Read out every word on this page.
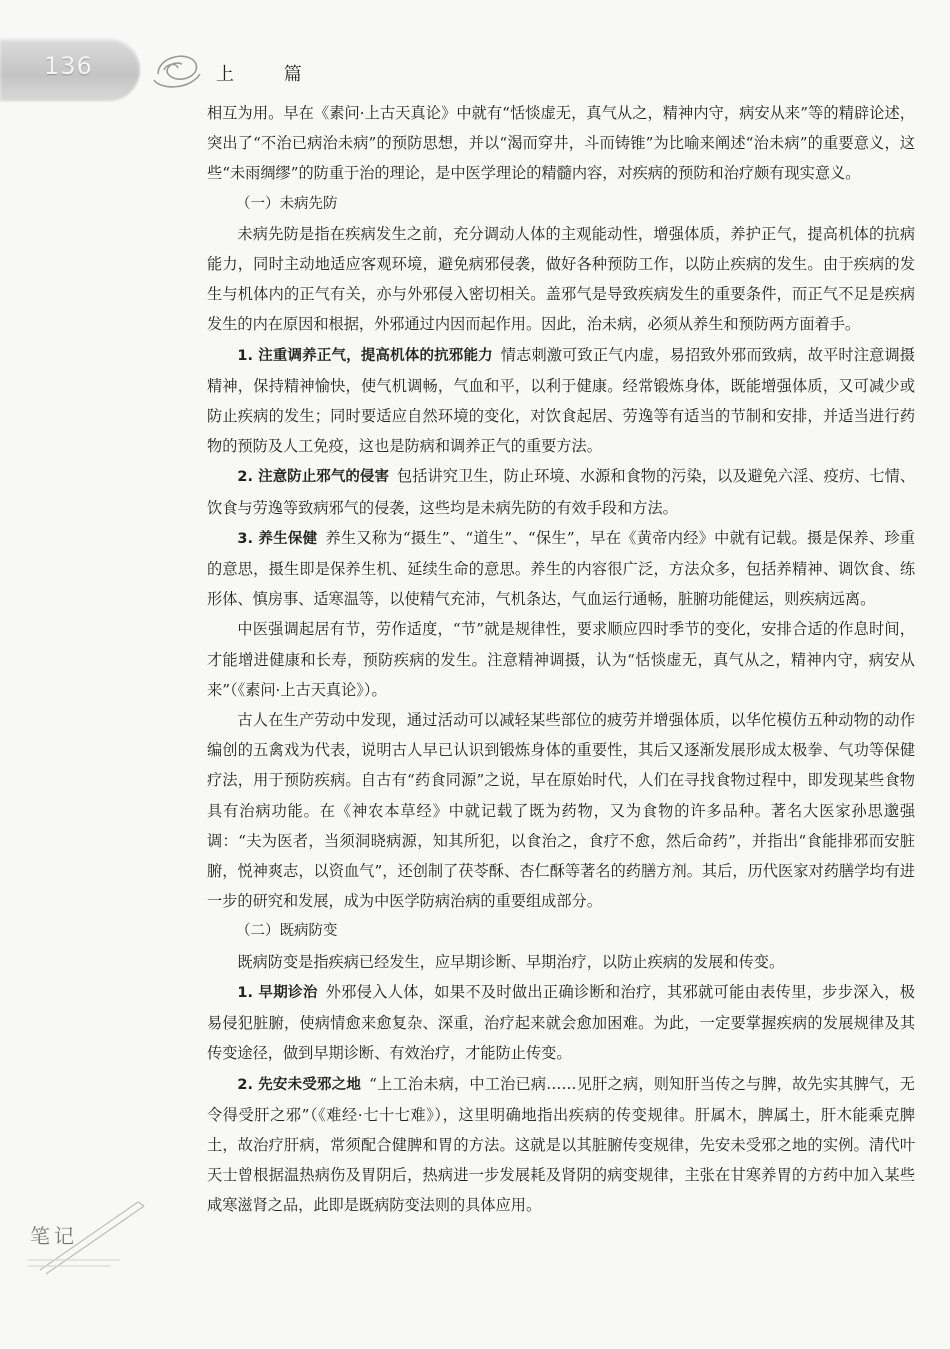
136	上 篇

相互为用。早在《素问·上古天真论》中就有“恬惔虚无，真气从之，精神内守，病安从来”等的精辟论述，突出了“不治已病治未病”的预防思想，并以“渴而穿井，斗而铸锥”为比喻来阐述“治未病”的重要意义，这些“未雨绸缪”的防重于治的理论，是中医学理论的精髓内容，对疾病的预防和治疗颇有现实意义。

（一）未病先防

未病先防是指在疾病发生之前，充分调动人体的主观能动性，增强体质，养护正气，提高机体的抗病能力，同时主动地适应客观环境，避免病邪侵袭，做好各种预防工作，以防止疾病的发生。由于疾病的发生与机体内的正气有关，亦与外邪侵入密切相关。盖邪气是导致疾病发生的重要条件，而正气不足是疾病发生的内在原因和根据，外邪通过内因而起作用。因此，治未病，必须从养生和预防两方面着手。

1. 注重调养正气，提高机体的抗邪能力 情志刺激可致正气内虚，易招致外邪而致病，故平时注意调摄精神，保持精神愉快，使气机调畅，气血和平，以利于健康。经常锻炼身体，既能增强体质，又可减少或防止疾病的发生；同时要适应自然环境的变化，对饮食起居、劳逸等有适当的节制和安排，并适当进行药物的预防及人工免疫，这也是防病和调养正气的重要方法。

2. 注意防止邪气的侵害 包括讲究卫生，防止环境、水源和食物的污染，以及避免六淫、疫疠、七情、饮食与劳逸等致病邪气的侵袭，这些均是未病先防的有效手段和方法。

3. 养生保健 养生又称为“摄生”、“道生”、“保生”，早在《黄帝内经》中就有记载。摄是保养、珍重的意思，摄生即是保养生机、延续生命的意思。养生的内容很广泛，方法众多，包括养精神、调饮食、练形体、慎房事、适寒温等，以使精气充沛，气机条达，气血运行通畅，脏腑功能健运，则疾病远离。

中医强调起居有节，劳作适度，“节”就是规律性，要求顺应四时季节的变化，安排合适的作息时间，才能增进健康和长寿，预防疾病的发生。注意精神调摄，认为“恬惔虚无，真气从之，精神内守，病安从来”（《素问·上古天真论》）。

古人在生产劳动中发现，通过活动可以减轻某些部位的疲劳并增强体质，以华佗模仿五种动物的动作编创的五禽戏为代表，说明古人早已认识到锻炼身体的重要性，其后又逐渐发展形成太极拳、气功等保健疗法，用于预防疾病。自古有“药食同源”之说，早在原始时代，人们在寻找食物过程中，即发现某些食物具有治病功能。在《神农本草经》中就记载了既为药物，又为食物的许多品种。著名大医家孙思邈强调：“夫为医者，当须洞晓病源，知其所犯，以食治之，食疗不愈，然后命药”，并指出“食能排邪而安脏腑，悦神爽志，以资血气”，还创制了茯苓酥、杏仁酥等著名的药膳方剂。其后，历代医家对药膳学均有进一步的研究和发展，成为中医学防病治病的重要组成部分。

（二）既病防变

既病防变是指疾病已经发生，应早期诊断、早期治疗，以防止疾病的发展和传变。

1. 早期诊治 外邪侵入人体，如果不及时做出正确诊断和治疗，其邪就可能由表传里，步步深入，极易侵犯脏腑，使病情愈来愈复杂、深重，治疗起来就会愈加困难。为此，一定要掌握疾病的发展规律及其传变途径，做到早期诊断、有效治疗，才能防止传变。

2. 先安未受邪之地 “上工治未病，中工治已病……见肝之病，则知肝当传之与脾，故先实其脾气，无令得受肝之邪”（《难经·七十七难》），这里明确地指出疾病的传变规律。肝属木，脾属土，肝木能乘克脾土，故治疗肝病，常须配合健脾和胃的方法。这就是以其脏腑传变规律，先安未受邪之地的实例。清代叶天士曾根据温热病伤及胃阴后，热病进一步发展耗及肾阴的病变规律，主张在甘寒养胃的方药中加入某些咸寒滋肾之品，此即是既病防变法则的具体应用。

笔记
